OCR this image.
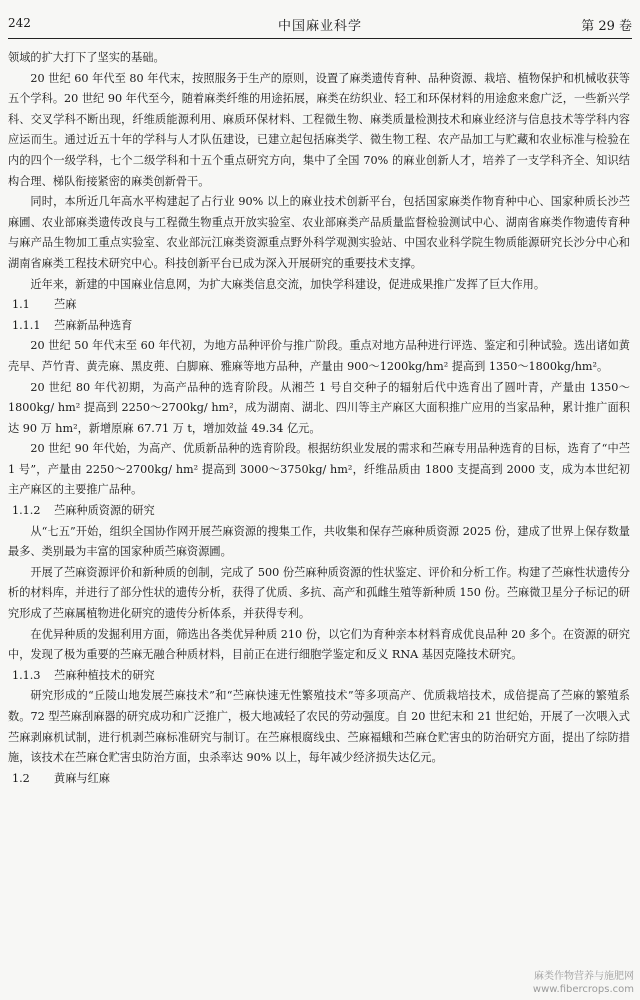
242	中国麻业科学	第 29 卷

领域的扩大打下了坚实的基础。

20 世纪 60 年代至 80 年代末，按照服务于生产的原则，设置了麻类遗传育种、品种资源、栽培、植物保护和机械收获等五个学科。20 世纪 90 年代至今，随着麻类纤维的用途拓展，麻类在纺织业、轻工和环保材料的用途愈来愈广泛，一些新兴学科、交叉学科不断出现，纤维质能源利用、麻质环保材料、工程微生物、麻类质量检测技术和麻业经济与信息技术等学科内容应运而生。通过近五十年的学科与人才队伍建设，已建立起包括麻类学、微生物工程、农产品加工与贮藏和农业标准与检验在内的四个一级学科，七个二级学科和十五个重点研究方向，集中了全国 70% 的麻业创新人才，培养了一支学科齐全、知识结构合理、梯队衔接紧密的麻类创新骨干。

同时，本所近几年高水平构建起了占行业 90% 以上的麻业技术创新平台，包括国家麻类作物育种中心、国家种质长沙苎麻圃、农业部麻类遗传改良与工程微生物重点开放实验室、农业部麻类产品质量监督检验测试中心、湖南省麻类作物遗传育种与麻产品生物加工重点实验室、农业部沅江麻类资源重点野外科学观测实验站、中国农业科学院生物质能源研究长沙分中心和湖南省麻类工程技术研究中心。科技创新平台已成为深入开展研究的重要技术支撑。

近年来，新建的中国麻业信息网，为扩大麻类信息交流，加快学科建设，促进成果推广发挥了巨大作用。

1.1 苎麻
1.1.1 苎麻新品种选育

20 世纪 50 年代末至 60 年代初，为地方品种评价与推广阶段。重点对地方品种进行评选、鉴定和引种试验。选出诸如黄壳早、芦竹青、黄壳麻、黑皮蔸、白脚麻、雅麻等地方品种，产量由 900～1200kg/hm² 提高到 1350～1800kg/hm²。

20 世纪 80 年代初期，为高产品种的选育阶段。从湘苎 1 号自交种子的辐射后代中选育出了圆叶青，产量由 1350～1800kg/ hm² 提高到 2250～2700kg/ hm²，成为湖南、湖北、四川等主产麻区大面积推广应用的当家品种，累计推广面积达 90 万 hm²，新增原麻 67.71 万 t，增加效益 49.34 亿元。

20 世纪 90 年代始，为高产、优质新品种的选育阶段。根据纺织业发展的需求和苎麻专用品种选育的目标，选育了“中苎 1 号”，产量由 2250～2700kg/ hm² 提高到 3000～3750kg/ hm²，纤维品质由 1800 支提高到 2000 支，成为本世纪初主产麻区的主要推广品种。

1.1.2 苎麻种质资源的研究

从“七五”开始，组织全国协作网开展苎麻资源的搜集工作，共收集和保存苎麻种质资源 2025 份，建成了世界上保存数量最多、类别最为丰富的国家种质苎麻资源圃。

开展了苎麻资源评价和新种质的创制，完成了 500 份苎麻种质资源的性状鉴定、评价和分析工作。构建了苎麻性状遗传分析的材料库，并进行了部分性状的遗传分析，获得了优质、多抗、高产和孤雌生殖等新种质 150 份。苎麻微卫星分子标记的研究形成了苎麻属植物进化研究的遗传分析体系，并获得专利。

在优异种质的发掘利用方面，筛选出各类优异种质 210 份，以它们为育种亲本材料育成优良品种 20 多个。在资源的研究中，发现了极为重要的苎麻无融合种质材料，目前正在进行细胞学鉴定和反义 RNA 基因克隆技术研究。

1.1.3 苎麻种植技术的研究

研究形成的“丘陵山地发展苎麻技术”和“苎麻快速无性繁殖技术”等多项高产、优质栽培技术，成倍提高了苎麻的繁殖系数。72 型苎麻刮麻器的研究成功和广泛推广，极大地减轻了农民的劳动强度。自 20 世纪末和 21 世纪始，开展了一次喂入式苎麻剥麻机试制，进行机剥苎麻标准研究与制订。在苎麻根腐线虫、苎麻褔蛾和苎麻仓贮害虫的防治研究方面，提出了综防措施，该技术在苎麻仓贮害虫防治方面，虫杀率达 90% 以上，每年减少经济损失达亿元。

1.2 黄麻与红麻
麻类作物营养与施肥网
www.fibercrops.com
